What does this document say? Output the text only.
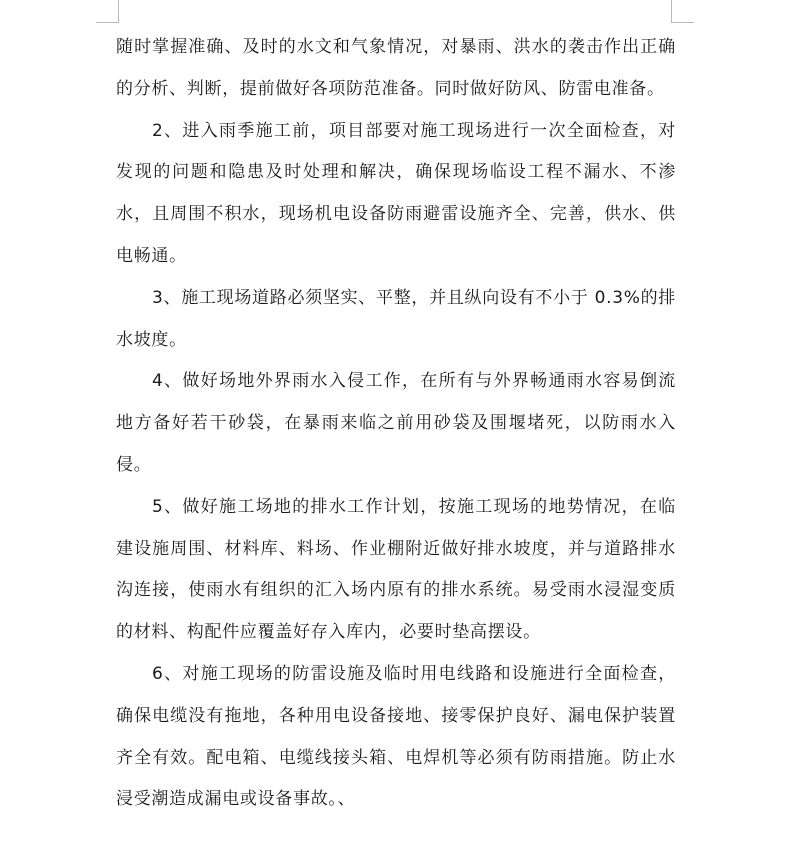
随时掌握准确、及时的水文和气象情况，对暴雨、洪水的袭击作出正确的分析、判断，提前做好各项防范准备。同时做好防风、防雷电准备。

2、进入雨季施工前，项目部要对施工现场进行一次全面检查，对发现的问题和隐患及时处理和解决，确保现场临设工程不漏水、不渗水，且周围不积水，现场机电设备防雨避雷设施齐全、完善，供水、供电畅通。

3、施工现场道路必须坚实、平整，并且纵向设有不小于 0.3%的排水坡度。

4、做好场地外界雨水入侵工作，在所有与外界畅通雨水容易倒流地方备好若干砂袋，在暴雨来临之前用砂袋及围堰堵死，以防雨水入侵。

5、做好施工场地的排水工作计划，按施工现场的地势情况，在临建设施周围、材料库、料场、作业棚附近做好排水坡度，并与道路排水沟连接，使雨水有组织的汇入场内原有的排水系统。易受雨水浸湿变质的材料、构配件应覆盖好存入库内，必要时垫高摆设。

6、对施工现场的防雷设施及临时用电线路和设施进行全面检查，确保电缆没有拖地，各种用电设备接地、接零保护良好、漏电保护装置齐全有效。配电箱、电缆线接头箱、电焊机等必须有防雨措施。防止水浸受潮造成漏电或设备事故。、
